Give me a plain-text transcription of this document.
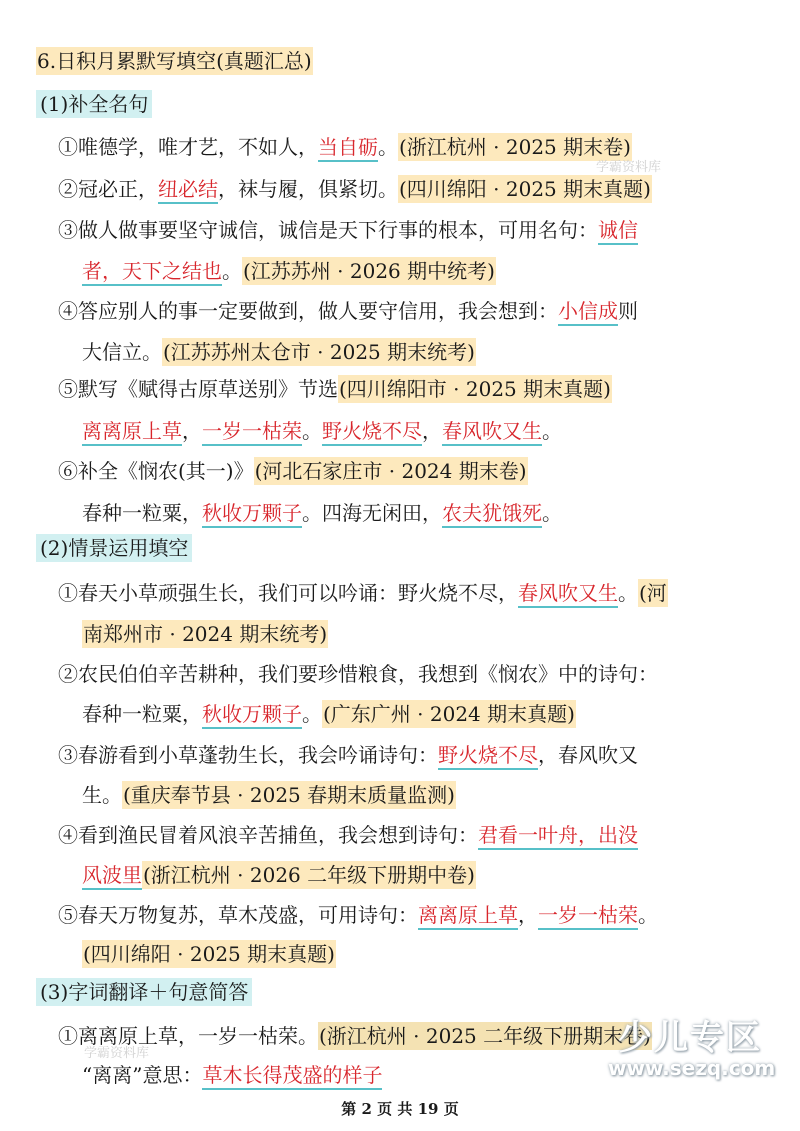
6.日积月累默写填空(真题汇总)
(1)补全名句
①唯德学，唯才艺，不如人，当自砺。(浙江杭州 · 2025 期末卷)
②冠必正，纽必结，袜与履，俱紧切。(四川绵阳 · 2025 期末真题)
③做人做事要坚守诚信，诚信是天下行事的根本，可用名句：诚信
者，天下之结也。(江苏苏州 · 2026 期中统考)
④答应别人的事一定要做到，做人要守信用，我会想到：小信成则
大信立。(江苏苏州太仓市 · 2025 期末统考)
⑤默写《赋得古原草送别》节选(四川绵阳市 · 2025 期末真题)
离离原上草，一岁一枯荣。野火烧不尽，春风吹又生。
⑥补全《悯农(其一)》(河北石家庄市 · 2024 期末卷)
春种一粒粟，秋收万颗子。四海无闲田，农夫犹饿死。
(2)情景运用填空
①春天小草顽强生长，我们可以吟诵：野火烧不尽，春风吹又生。(河
南郑州市 · 2024 期末统考)
②农民伯伯辛苦耕种，我们要珍惜粮食，我想到《悯农》中的诗句：
春种一粒粟，秋收万颗子。(广东广州 · 2024 期末真题)
③春游看到小草蓬勃生长，我会吟诵诗句：野火烧不尽，春风吹又
生。(重庆奉节县 · 2025 春期末质量监测)
④看到渔民冒着风浪辛苦捕鱼，我会想到诗句：君看一叶舟，出没
风波里(浙江杭州 · 2026 二年级下册期中卷)
⑤春天万物复苏，草木茂盛，可用诗句：离离原上草，一岁一枯荣。
(四川绵阳 · 2025 期末真题)
(3)字词翻译＋句意简答
①离离原上草，一岁一枯荣。(浙江杭州 · 2025 二年级下册期末卷)
“离离”意思：草木长得茂盛的样子
学霸资料库
学霸资料库	少儿专区
www.sezq.com
第 2 页 共 19 页
